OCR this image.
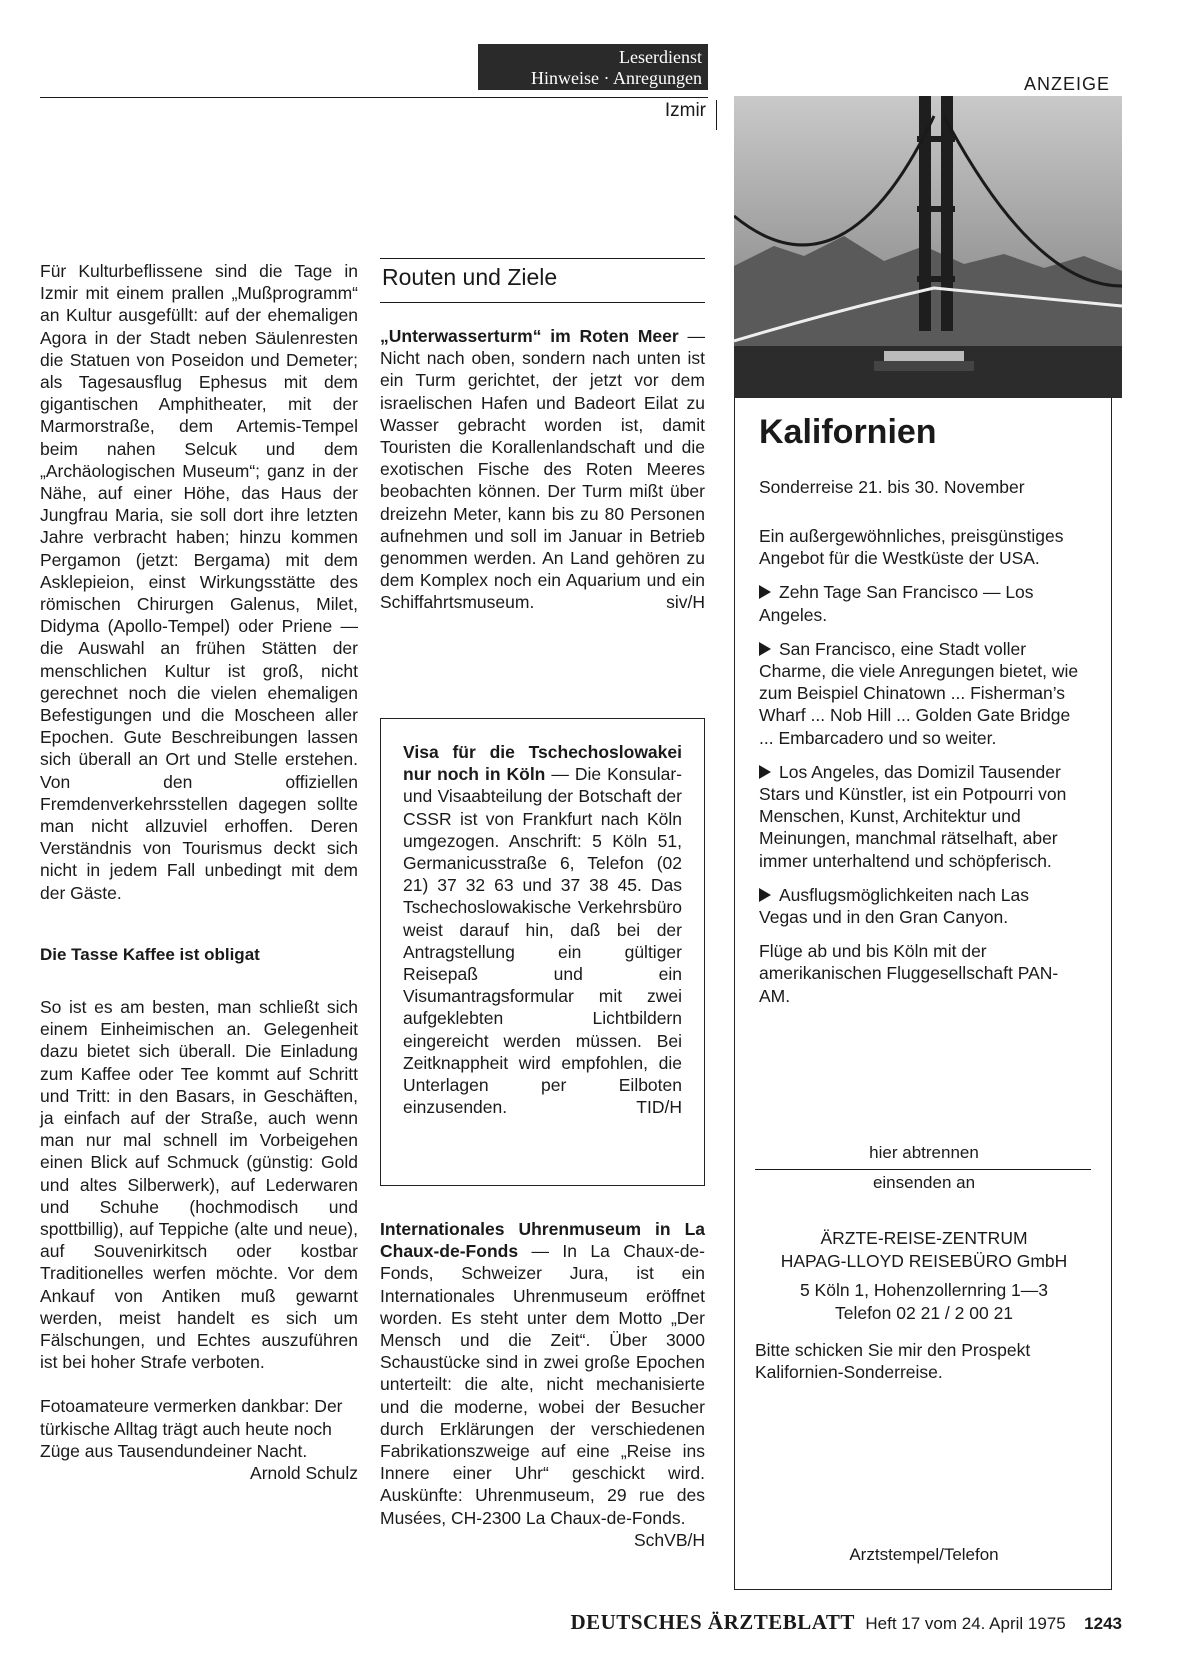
Leserdienst
Hinweise · Anregungen
Izmir
ANZEIGE

Für Kulturbeflissene sind die Tage in Izmir mit einem prallen „Mußprogramm“ an Kultur ausgefüllt: auf der ehemaligen Agora in der Stadt neben Säulenresten die Statuen von Poseidon und Demeter; als Tagesausflug Ephesus mit dem gigantischen Amphitheater, mit der Marmorstraße, dem Artemis-Tempel beim nahen Selcuk und dem „Archäologischen Museum“; ganz in der Nähe, auf einer Höhe, das Haus der Jungfrau Maria, sie soll dort ihre letzten Jahre verbracht haben; hinzu kommen Pergamon (jetzt: Bergama) mit dem Asklepieion, einst Wirkungsstätte des römischen Chirurgen Galenus, Milet, Didyma (Apollo-Tempel) oder Priene — die Auswahl an frühen Stätten der menschlichen Kultur ist groß, nicht gerechnet noch die vielen ehemaligen Befestigungen und die Moscheen aller Epochen. Gute Beschreibungen lassen sich überall an Ort und Stelle erstehen. Von den offiziellen Fremdenverkehrsstellen dagegen sollte man nicht allzuviel erhoffen. Deren Verständnis von Tourismus deckt sich nicht in jedem Fall unbedingt mit dem der Gäste.

Die Tasse Kaffee ist obligat

So ist es am besten, man schließt sich einem Einheimischen an. Gelegenheit dazu bietet sich überall. Die Einladung zum Kaffee oder Tee kommt auf Schritt und Tritt: in den Basars, in Geschäften, ja einfach auf der Straße, auch wenn man nur mal schnell im Vorbeigehen einen Blick auf Schmuck (günstig: Gold und altes Silberwerk), auf Lederwaren und Schuhe (hochmodisch und spottbillig), auf Teppiche (alte und neue), auf Souvenirkitsch oder kostbar Traditionelles werfen möchte. Vor dem Ankauf von Antiken muß gewarnt werden, meist handelt es sich um Fälschungen, und Echtes auszuführen ist bei hoher Strafe verboten.

Fotoamateure vermerken dankbar: Der türkische Alltag trägt auch heute noch Züge aus Tausendundeiner Nacht.
Arnold Schulz

Routen und Ziele

„Unterwasserturm“ im Roten Meer — Nicht nach oben, sondern nach unten ist ein Turm gerichtet, der jetzt vor dem israelischen Hafen und Badeort Eilat zu Wasser gebracht worden ist, damit Touristen die Korallenlandschaft und die exotischen Fische des Roten Meeres beobachten können. Der Turm mißt über dreizehn Meter, kann bis zu 80 Personen aufnehmen und soll im Januar in Betrieb genommen werden. An Land gehören zu dem Komplex noch ein Aquarium und ein Schiffahrtsmuseum.	siv/H

Visa für die Tschechoslowakei nur noch in Köln — Die Konsular- und Visaabteilung der Botschaft der CSSR ist von Frankfurt nach Köln umgezogen. Anschrift: 5 Köln 51, Germanicusstraße 6, Telefon (02 21) 37 32 63 und 37 38 45. Das Tschechoslowakische Verkehrsbüro weist darauf hin, daß bei der Antragstellung ein gültiger Reisepaß und ein Visumantragsformular mit zwei aufgeklebten Lichtbildern eingereicht werden müssen. Bei Zeitknappheit wird empfohlen, die Unterlagen per Eilboten einzusenden.	TID/H

Internationales Uhrenmuseum in La Chaux-de-Fonds — In La Chaux-de-Fonds, Schweizer Jura, ist ein Internationales Uhrenmuseum eröffnet worden. Es steht unter dem Motto „Der Mensch und die Zeit“. Über 3000 Schaustücke sind in zwei große Epochen unterteilt: die alte, nicht mechanisierte und die moderne, wobei der Besucher durch Erklärungen der verschiedenen Fabrikationszweige auf eine „Reise ins Innere einer Uhr“ geschickt wird. Auskünfte: Uhrenmuseum, 29 rue des Musées, CH-2300 La Chaux-de-Fonds.
SchVB/H

Kalifornien
Sonderreise 21. bis 30. November

Ein außergewöhnliches, preisgünstiges Angebot für die Westküste der USA.

Zehn Tage San Francisco — Los Angeles.

San Francisco, eine Stadt voller Charme, die viele Anregungen bietet, wie zum Beispiel Chinatown ... Fisherman’s Wharf ... Nob Hill ... Golden Gate Bridge ... Embarcadero und so weiter.

Los Angeles, das Domizil Tausender Stars und Künstler, ist ein Potpourri von Menschen, Kunst, Architektur und Meinungen, manchmal rätselhaft, aber immer unterhaltend und schöpferisch.

Ausflugsmöglichkeiten nach Las Vegas und in den Gran Canyon.

Flüge ab und bis Köln mit der amerikanischen Fluggesellschaft PAN-AM.

hier abtrennen
einsenden an
ÄRZTE-REISE-ZENTRUM
HAPAG-LLOYD REISEBÜRO GmbH
5 Köln 1, Hohenzollernring 1—3
Telefon 02 21 / 2 00 21

Bitte schicken Sie mir den Prospekt Kalifornien-Sonderreise.

Arztstempel/Telefon
DEUTSCHES ÄRZTEBLATT Heft 17 vom 24. April 1975 1243
